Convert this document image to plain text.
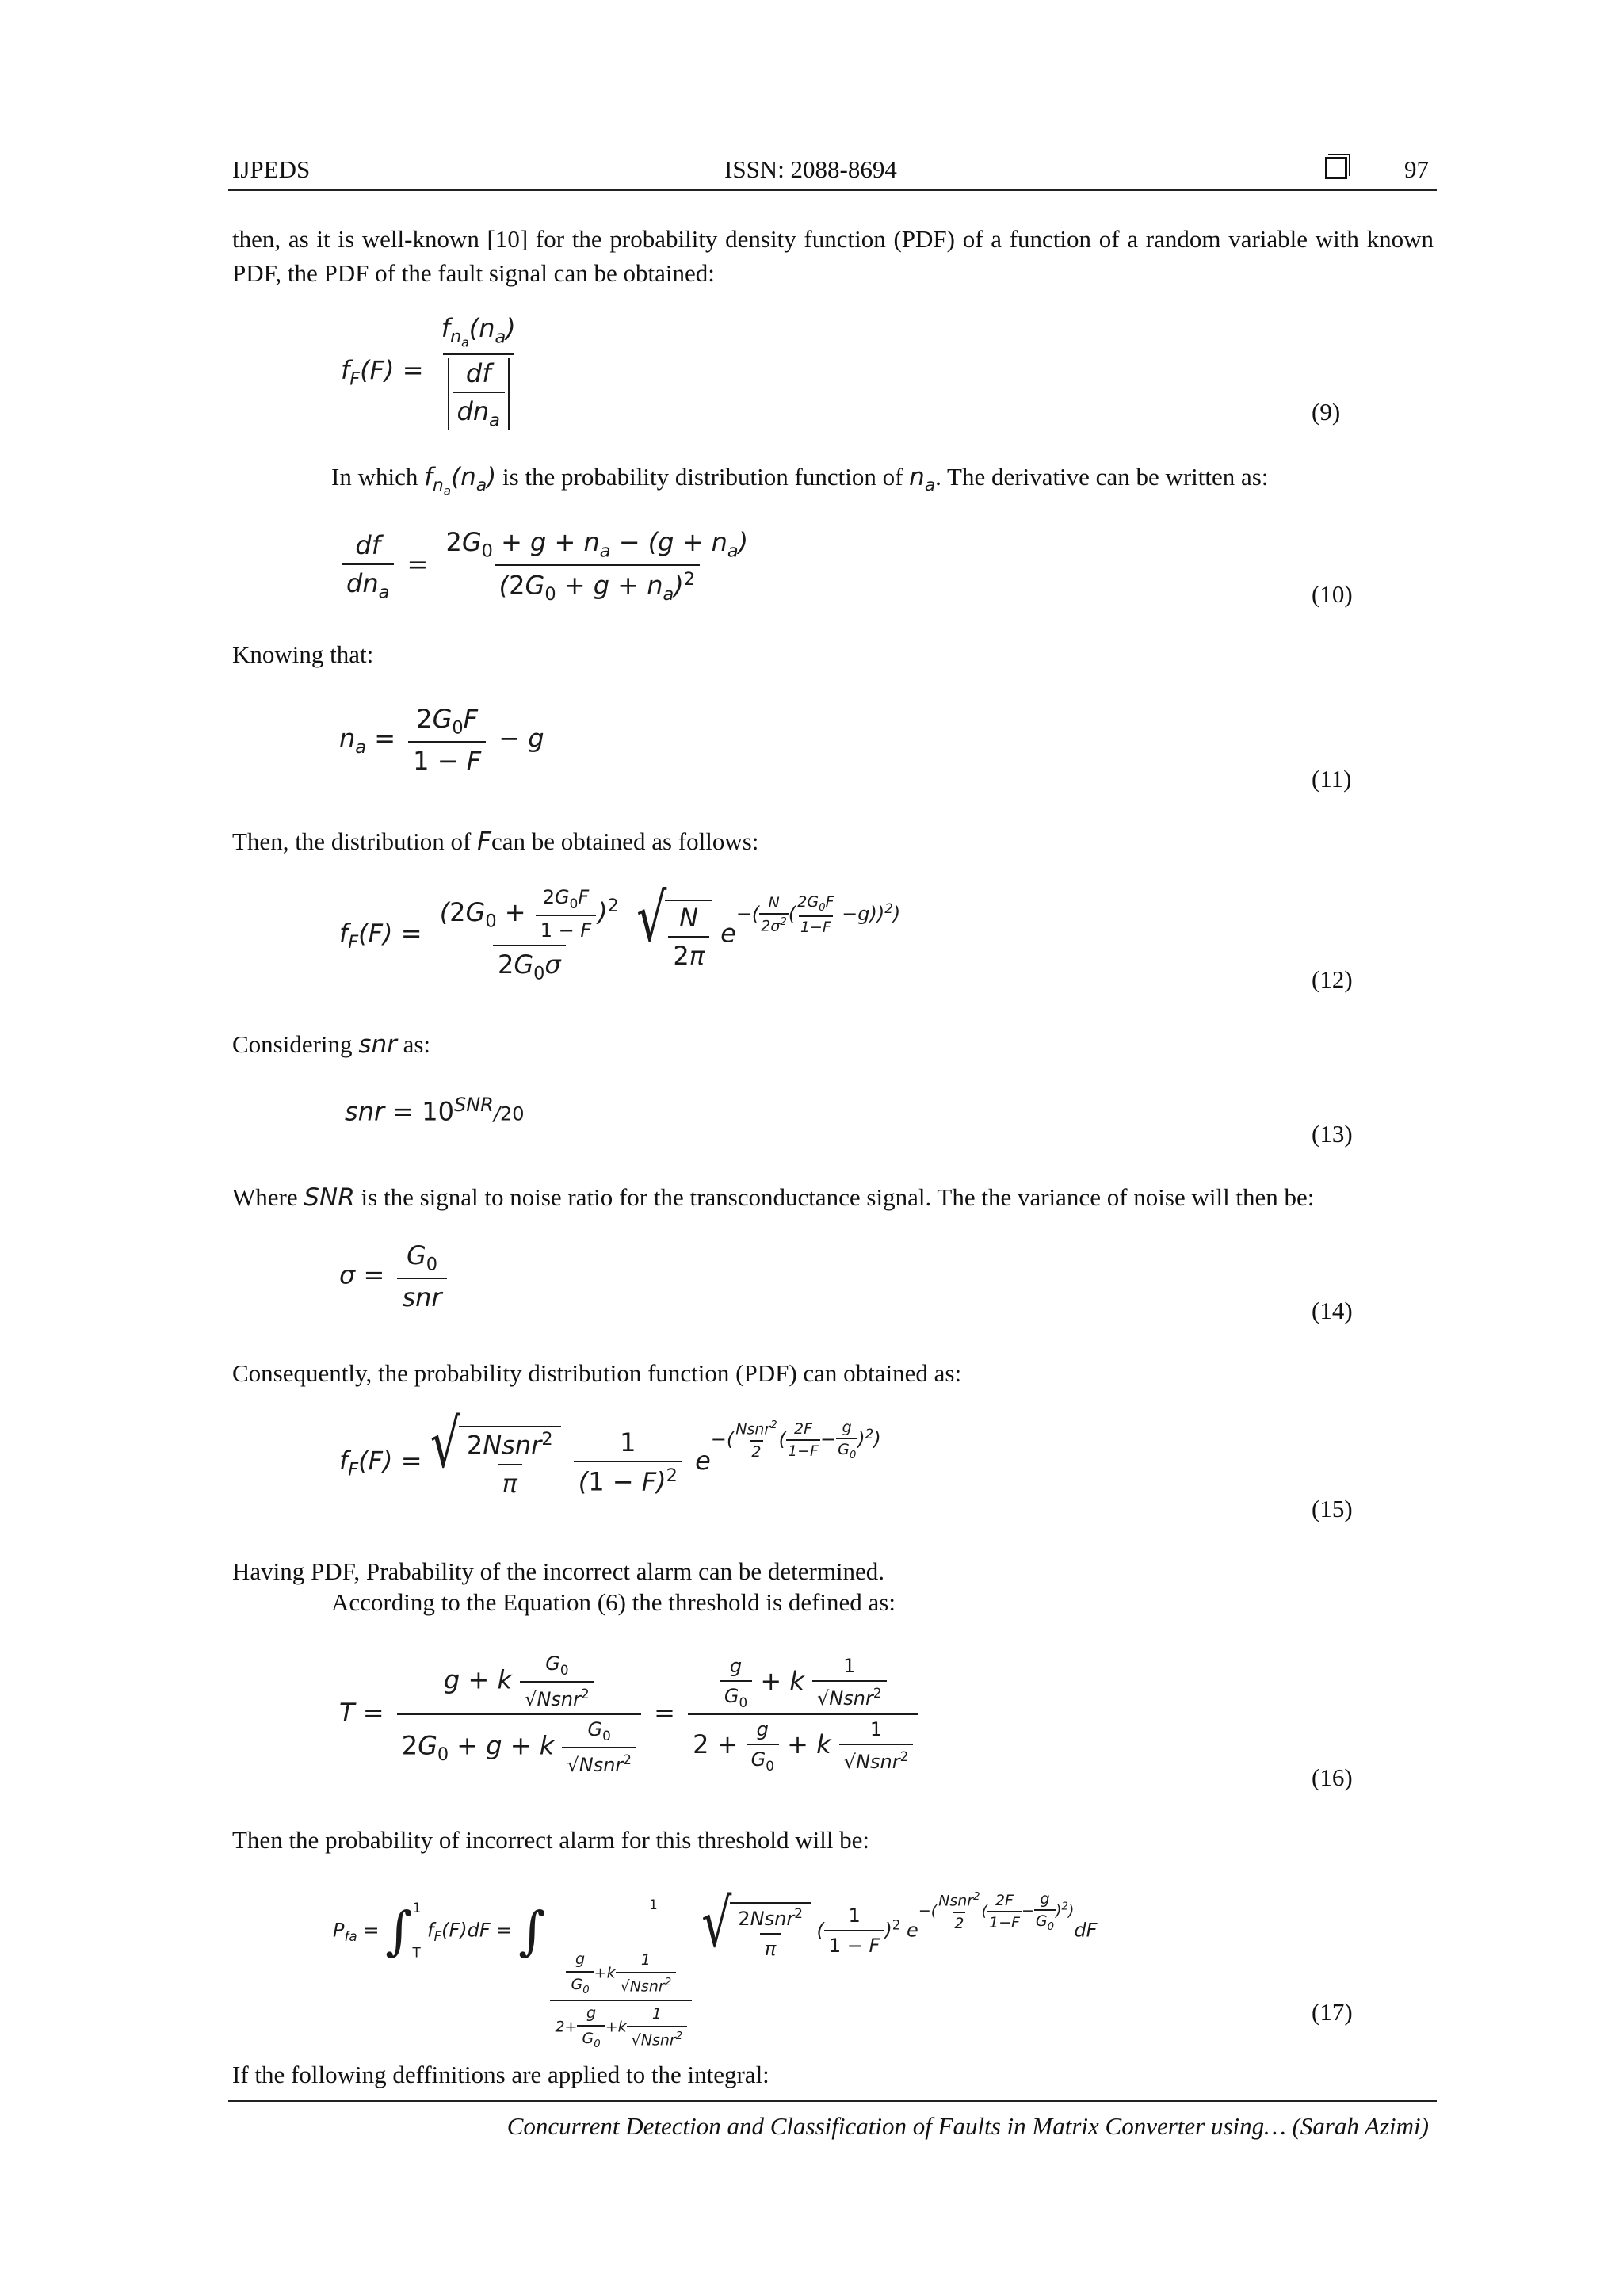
IJPEDS	ISSN: 2088-8694	97
then, as it is well-known [10] for the probability density function (PDF) of a function of a random variable with known PDF, the PDF of the fault signal can be obtained:
$f_F(F) = \frac{f_{n_a}(n_a)}{\frac{df}{dn_a}}$	(9)
In which $f_{n_a}(n_a)$ is the probability distribution function of $n_a$. The derivative can be written as:
$\frac{df}{dn_a} = \frac{2G_0 + g + n_a - (g + n_a)}{(2G_0 + g + n_a)^2}$	(10)
Knowing that:
$n_a = \frac{2G_0F}{1 - F} - g$
(11)
Then, the distribution of Fcan be obtained as follows:
$f_F(F) = \frac{(2G_0 + \frac{2G_0F}{1 - F} )^2}{2G_0\sigma}$
√ $\frac{N}{2\pi} e^{-( \frac{N}{2\sigma^2} ( \frac{2G_0F}{1-F} -g))^2)}$
(12)
Considering snr as:
snr = $10^{SNR}/20$
(13)
Where SNR is the signal to noise ratio for the transconductance signal. The the variance of noise will then be:
$\sigma = \frac{G_0}{\text{snr}}$	(14)
Consequently, the probability distribution function (PDF) can obtained as:
$f_F(F)$ = √ $\frac{2Nsnr^2}{\pi}$
$\frac{1}{(1 - F)^2} e^{-( \frac{Nsnr^2}{2} ( \frac{2F}{1-F} - \frac{g}{G_0} )^2)}$
(15)
Having PDF, Prabability of the incorrect alarm can be determined.
According to the Equation (6) the threshold is defined as:
$T = \frac{g + k \frac{G_0}{√Nsnr^2}}{2G_0 + g + k \frac{G_0}{√Nsnr^2}} = \frac{\frac{g}{G_0} + k \frac{1}{√Nsnr^2}}{2 + \frac{g}{G_0} + k \frac{1}{√Nsnr^2}}$
(16)
Then the probability of incorrect alarm for this threshold will be:
$P_{fa} = \int_T^1$ $f_F(F)dF$ = ∫
$\frac{\frac{g}{G_0} +k \frac{1}{√Nsnr^2}}{2+ \frac{g}{G_0} +k \frac{1}{√Nsnr^2}}$
$^1$ √ $\frac{2Nsnr^2}{\pi}$ ( $\frac{1}{1 - F} )^2$ $e^{-( \frac{Nsnr^2}{2} ( \frac{2F}{1-F} - \frac{g}{G_0} )^2)}dF$
(17)
If the following deffinitions are applied to the integral:
Concurrent Detection and Classification of Faults in Matrix Converter using… (Sarah Azimi)
